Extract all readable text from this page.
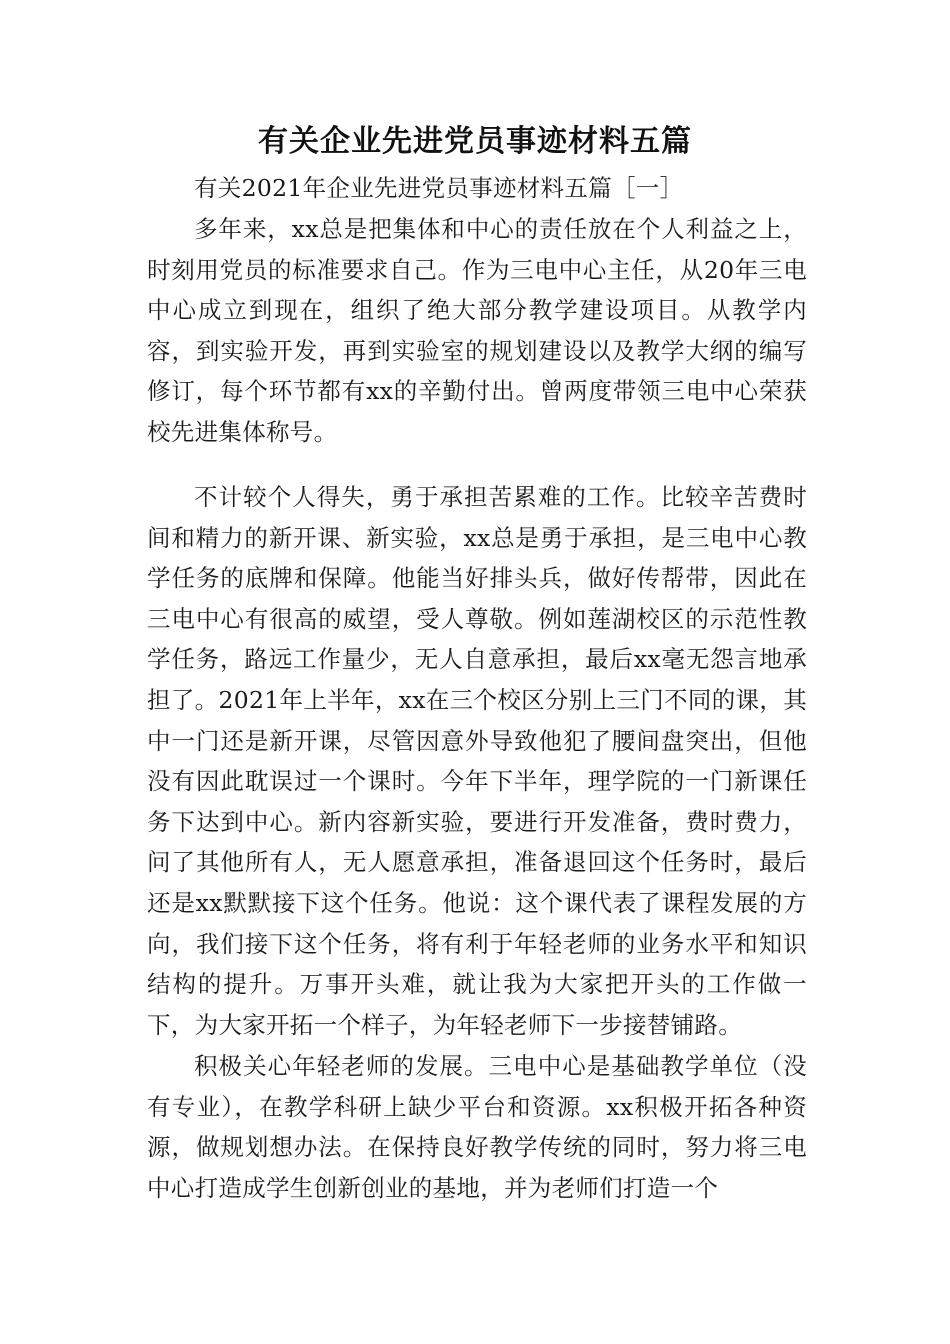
有关企业先进党员事迹材料五篇

有关2021年企业先进党员事迹材料五篇［一］

多年来，xx总是把集体和中心的责任放在个人利益之上，时刻用党员的标准要求自己。作为三电中心主任，从20年三电中心成立到现在，组织了绝大部分教学建设项目。从教学内容，到实验开发，再到实验室的规划建设以及教学大纲的编写修订，每个环节都有xx的辛勤付出。曾两度带领三电中心荣获校先进集体称号。

不计较个人得失，勇于承担苦累难的工作。比较辛苦费时间和精力的新开课、新实验，xx总是勇于承担，是三电中心教学任务的底牌和保障。他能当好排头兵，做好传帮带，因此在三电中心有很高的威望，受人尊敬。例如莲湖校区的示范性教学任务，路远工作量少，无人自意承担，最后xx毫无怨言地承担了。2021年上半年，xx在三个校区分别上三门不同的课，其中一门还是新开课，尽管因意外导致他犯了腰间盘突出，但他没有因此耽误过一个课时。今年下半年，理学院的一门新课任务下达到中心。新内容新实验，要进行开发准备，费时费力，问了其他所有人，无人愿意承担，准备退回这个任务时，最后还是xx默默接下这个任务。他说：这个课代表了课程发展的方向，我们接下这个任务，将有利于年轻老师的业务水平和知识结构的提升。万事开头难，就让我为大家把开头的工作做一下，为大家开拓一个样子，为年轻老师下一步接替铺路。

积极关心年轻老师的发展。三电中心是基础教学单位（没有专业），在教学科研上缺少平台和资源。xx积极开拓各种资源，做规划想办法。在保持良好教学传统的同时，努力将三电中心打造成学生创新创业的基地，并为老师们打造一个
